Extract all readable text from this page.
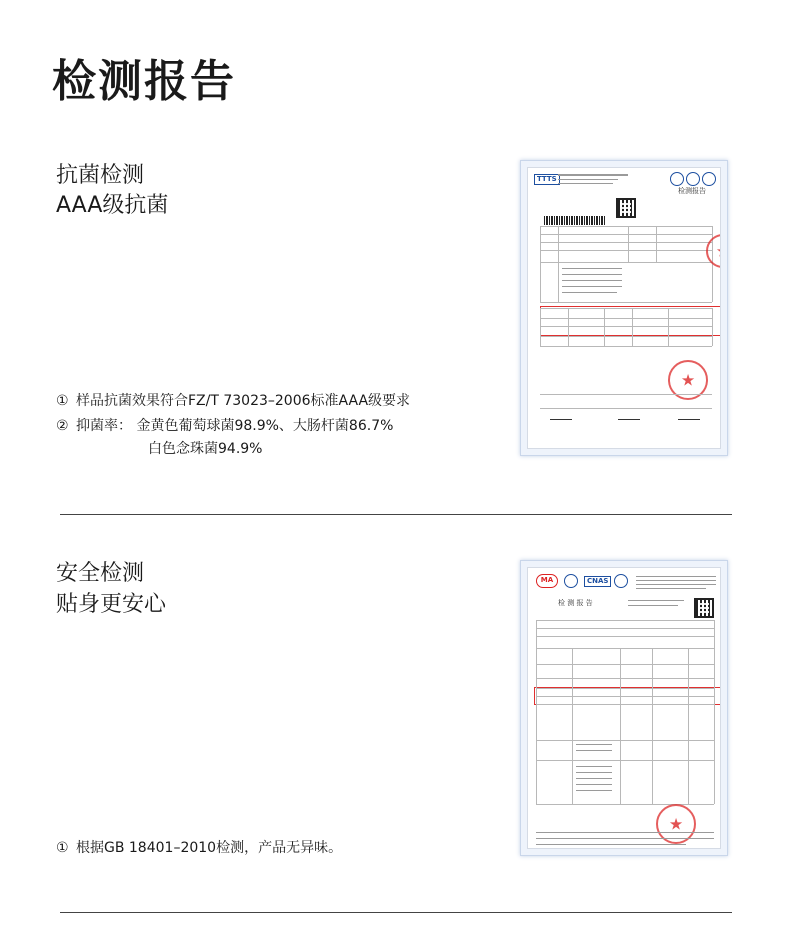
检测报告
抗菌检测
AAA级抗菌
① 样品抗菌效果符合FZ/T 73023–2006标准AAA级要求
② 抑菌率： 金黄色葡萄球菌98.9%、大肠杆菌86.7%
白色念珠菌94.9%
TTTS
检测报告
★
★
安全检测
贴身更安心
① 根据GB 18401–2010检测，产品无异味。
MA	CNAS
检 测 报 告
★
